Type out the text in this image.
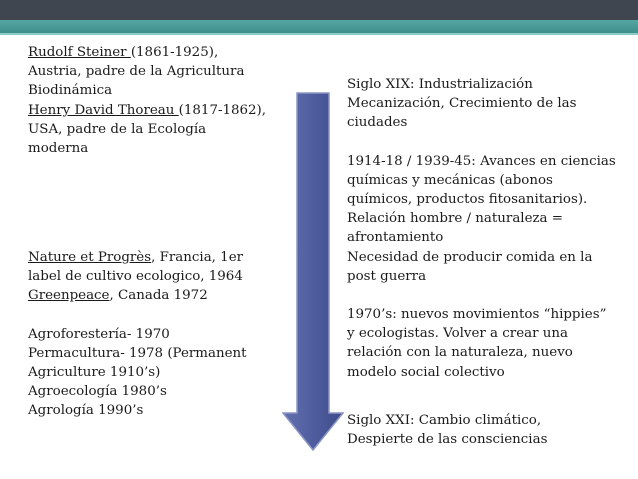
Rudolf Steiner (1861-1925),
Austria, padre de la Agricultura
Biodinámica
Henry David Thoreau (1817-1862),
USA, padre de la Ecología
moderna
Nature et Progrès, Francia, 1er
label de cultivo ecologico, 1964
Greenpeace, Canada 1972
Agroforestería- 1970
Permacultura- 1978 (Permanent
Agriculture 1910’s)
Agroecología 1980’s
Agrología 1990’s
Siglo XIX: Industrialización
Mecanización, Crecimiento de las
ciudades
1914-18 / 1939-45: Avances en ciencias
químicas y mecánicas (abonos
químicos, productos fitosanitarios).
Relación hombre / naturaleza =
afrontamiento
Necesidad de producir comida en la
post guerra
1970’s: nuevos movimientos “hippies”
y ecologistas. Volver a crear una
relación con la naturaleza, nuevo
modelo social colectivo
Siglo XXI: Cambio climático,
Despierte de las consciencias
